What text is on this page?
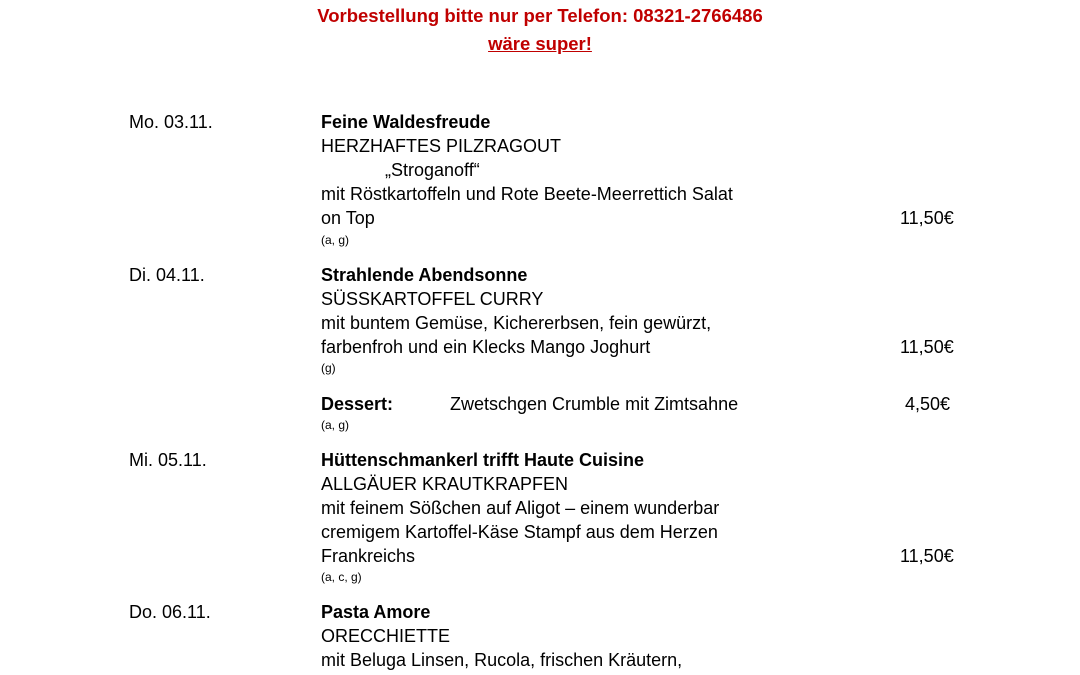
Vorbestellung bitte nur per Telefon: 08321-2766486
wäre super!
Mo. 03.11.	Feine Waldesfreude
HERZHAFTES PILZRAGOUT
„Stroganoff“
mit Röstkartoffeln und Rote Beete-Meerrettich Salat
on Top	11,50€
(a, g)
Di. 04.11.	Strahlende Abendsonne
SÜSSKARTOFFEL CURRY
mit buntem Gemüse, Kichererbsen, fein gewürzt,
farbenfroh und ein Klecks Mango Joghurt	11,50€
(g)
Dessert:	Zwetschgen Crumble mit Zimtsahne	4,50€
(a, g)
Mi. 05.11.	Hüttenschmankerl trifft Haute Cuisine
ALLGÄUER KRAUTKRAPFEN
mit feinem Sößchen auf Aligot – einem wunderbar
cremigem Kartoffel-Käse Stampf aus dem Herzen
Frankreichs	11,50€
(a, c, g)
Do. 06.11.	Pasta Amore
ORECCHIETTE
mit Beluga Linsen, Rucola, frischen Kräutern,
